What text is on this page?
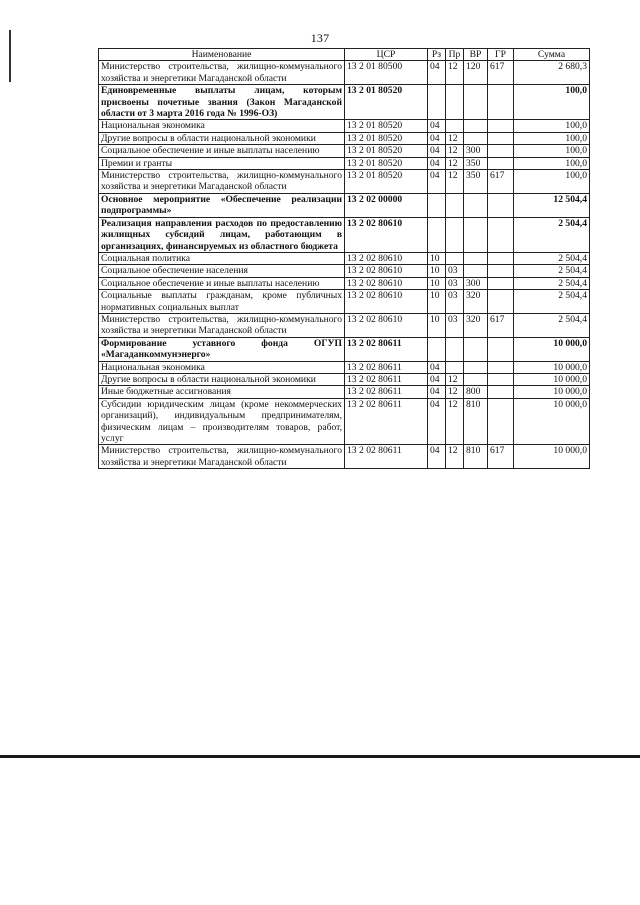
137
Наименование	ЦСР	Рз	Пр	ВР	ГР	Сумма
Министерство строительства, жилищно-коммунального хозяйства и энергетики Магаданской области	13 2 01 80500	04	12	120	617	2 680,3
Единовременные выплаты лицам, которым присвоены почетные звания (Закон Магаданской области от 3 марта 2016 года № 1996-ОЗ)	13 2 01 80520					100,0
Национальная экономика	13 2 01 80520	04				100,0
Другие вопросы в области национальной экономики	13 2 01 80520	04	12			100,0
Социальное обеспечение и иные выплаты населению	13 2 01 80520	04	12	300		100,0
Премии и гранты	13 2 01 80520	04	12	350		100,0
Министерство строительства, жилищно-коммунального хозяйства и энергетики Магаданской области	13 2 01 80520	04	12	350	617	100,0
Основное мероприятие «Обеспечение реализации подпрограммы»	13 2 02 00000					12 504,4
Реализация направления расходов по предоставлению жилищных субсидий лицам, работающим в организациях, финансируемых из областного бюджета	13 2 02 80610					2 504,4
Социальная политика	13 2 02 80610	10				2 504,4
Социальное обеспечение населения	13 2 02 80610	10	03			2 504,4
Социальное обеспечение и иные выплаты населению	13 2 02 80610	10	03	300		2 504,4
Социальные выплаты гражданам, кроме публичных нормативных социальных выплат	13 2 02 80610	10	03	320		2 504,4
Министерство строительства, жилищно-коммунального хозяйства и энергетики Магаданской области	13 2 02 80610	10	03	320	617	2 504,4
Формирование уставного фонда ОГУП «Магаданкоммунэнерго»	13 2 02 80611					10 000,0
Национальная экономика	13 2 02 80611	04				10 000,0
Другие вопросы в области национальной экономики	13 2 02 80611	04	12			10 000,0
Иные бюджетные ассигнования	13 2 02 80611	04	12	800		10 000,0
Субсидии юридическим лицам (кроме некоммерческих организаций), индивидуальным предпринимателям, физическим лицам – производителям товаров, работ, услуг	13 2 02 80611	04	12	810		10 000,0
Министерство строительства, жилищно-коммунального хозяйства и энергетики Магаданской области	13 2 02 80611	04	12	810	617	10 000,0
